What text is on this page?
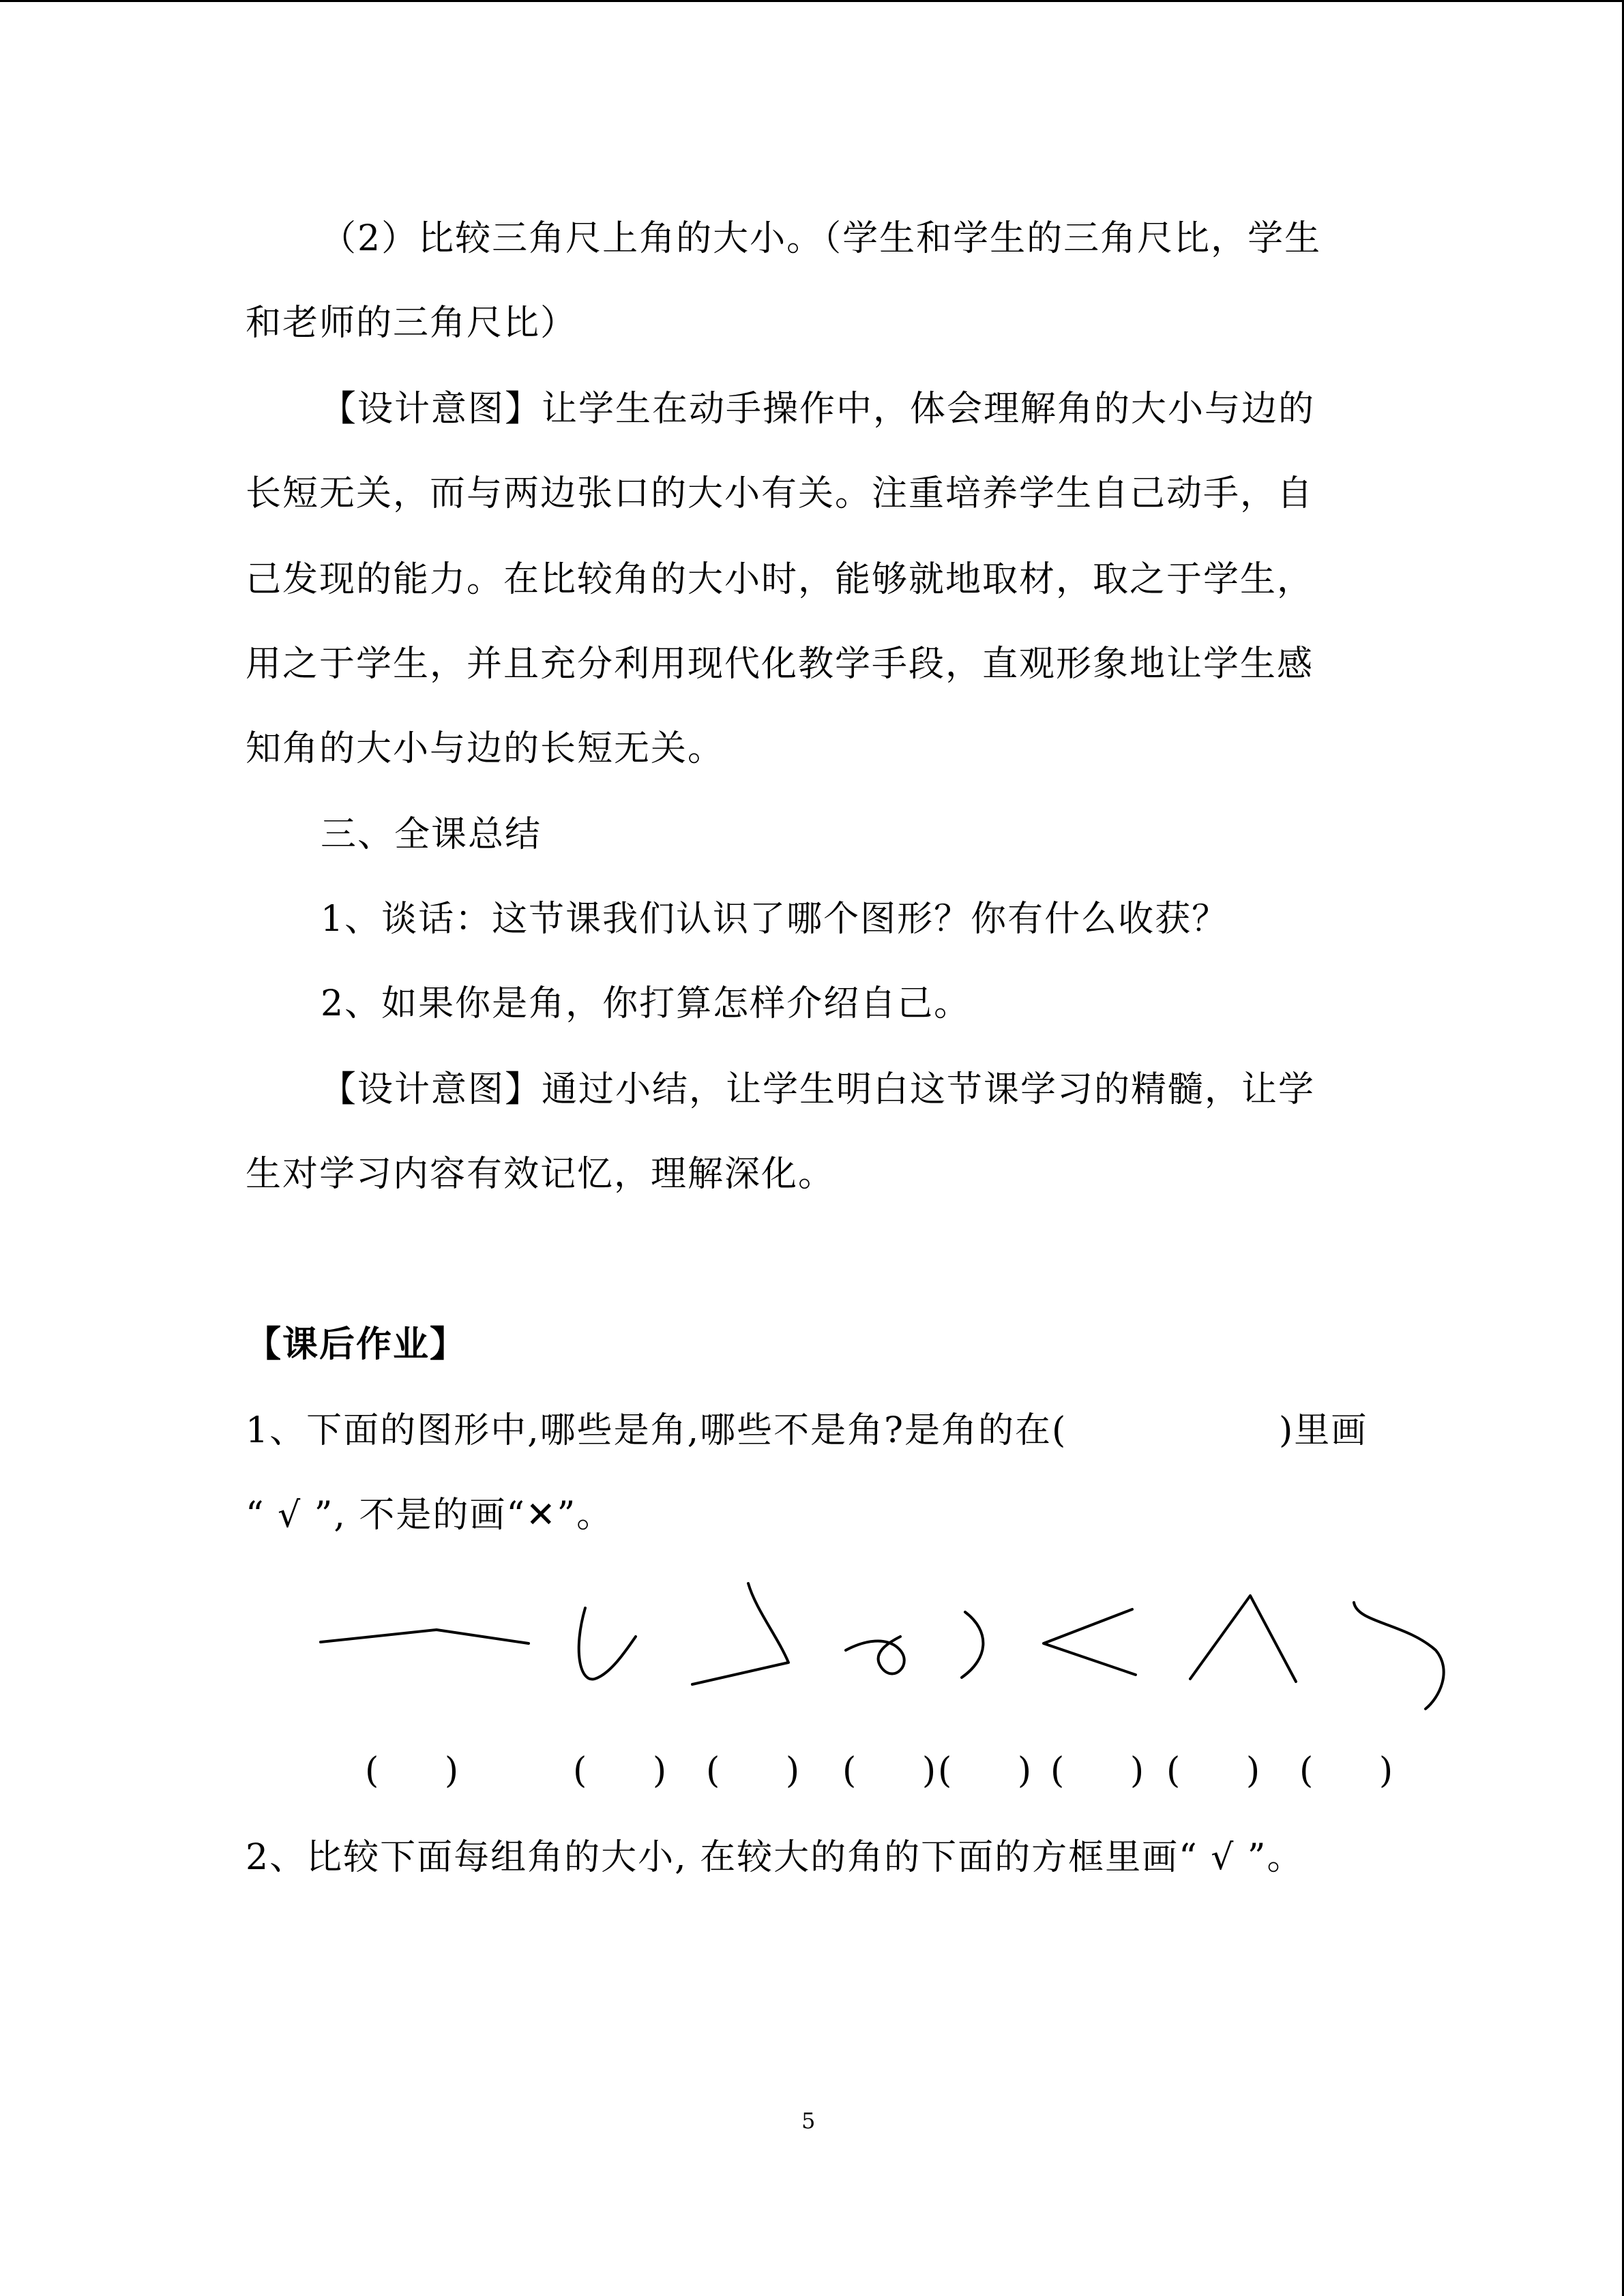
（2）比较三角尺上角的大小。（学生和学生的三角尺比，学生
和老师的三角尺比）
【设计意图】让学生在动手操作中，体会理解角的大小与边的
长短无关，而与两边张口的大小有关。注重培养学生自己动手，自
己发现的能力。在比较角的大小时，能够就地取材，取之于学生，
用之于学生，并且充分利用现代化教学手段，直观形象地让学生感
知角的大小与边的长短无关。
三、全课总结
1、谈话：这节课我们认识了哪个图形？你有什么收获？
2、如果你是角，你打算怎样介绍自己。
【设计意图】通过小结，让学生明白这节课学习的精髓，让学
生对学习内容有效记忆，理解深化。
【课后作业】
1、下面的图形中,哪些是角,哪些不是角?是角的在(	)里画
“ √ ”, 不是的画“✕”。
( ) ( ) ( ) ( )
( )
( )
( ) ( )
2、比较下面每组角的大小, 在较大的角的下面的方框里画“ √ ”。
5
